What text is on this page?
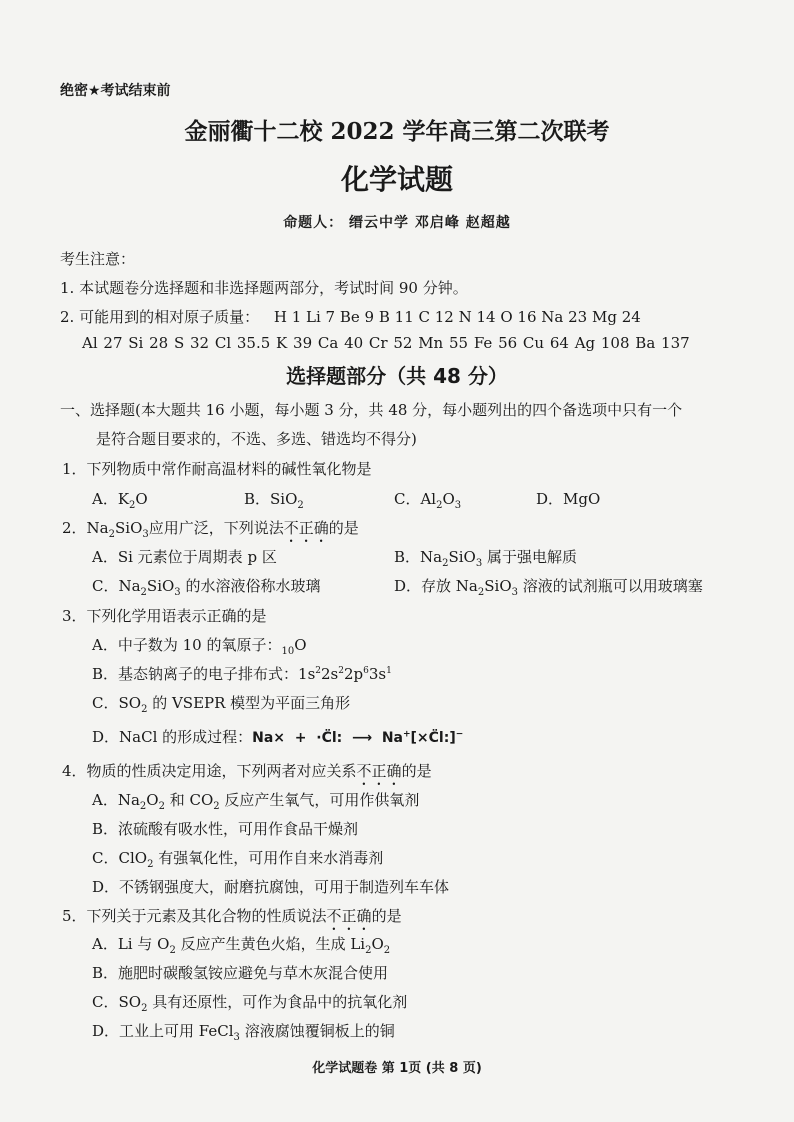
绝密★考试结束前
金丽衢十二校 2022 学年高三第二次联考
化学试题
命题人： 缙云中学 邓启峰 赵超越
考生注意：
1. 本试题卷分选择题和非选择题两部分，考试时间 90 分钟。
2. 可能用到的相对原子质量： H 1 Li 7 Be 9 B 11 C 12 N 14 O 16 Na 23 Mg 24
Al 27 Si 28 S 32 Cl 35.5 K 39 Ca 40 Cr 52 Mn 55 Fe 56 Cu 64 Ag 108 Ba 137
选择题部分（共 48 分）
一、选择题(本大题共 16 小题，每小题 3 分，共 48 分，每小题列出的四个备选项中只有一个
是符合题目要求的，不选、多选、错选均不得分)
1．下列物质中常作耐高温材料的碱性氧化物是
A．$K_2O$	B．SiO$_2$	C．$Al_2O_3$	D．MgO
2．$Na_2SiO_3$应用广泛，下列说法不正确的是
A．Si 元素位于周期表 p 区	B．$Na_2SiO_3$ 属于强电解质
C．$Na_2SiO_3$ 的水溶液俗称水玻璃	D．存放 $Na_2SiO_3$ 溶液的试剂瓶可以用玻璃塞
3．下列化学用语表示正确的是
A．中子数为 10 的氧原子：$_{10}$O
B．基态钠离子的电子排布式：$1s^22s^22p^63s^1$
C．$SO_2$ 的 VSEPR 模型为平面三角形
D．NaCl 的形成过程：Na×  +  ·C̈l:  ⟶  Na+[×C̈l:]−
4．物质的性质决定用途，下列两者对应关系不正确的是
A．$Na_2O_2$ 和 $CO_2$ 反应产生氧气，可用作供氧剂
B．浓硫酸有吸水性，可用作食品干燥剂
C．ClO$_2$ 有强氧化性，可用作自来水消毒剂
D．不锈钢强度大，耐磨抗腐蚀，可用于制造列车车体
5．下列关于元素及其化合物的性质说法不正确的是
A．Li 与 $O_2$ 反应产生黄色火焰，生成 $Li_2O_2$
B．施肥时碳酸氢铵应避免与草木灰混合使用
C．$SO_2$ 具有还原性，可作为食品中的抗氧化剂
D．工业上可用 FeCl$_3$ 溶液腐蚀覆铜板上的铜
化学试题卷 第 1页 (共 8 页)
